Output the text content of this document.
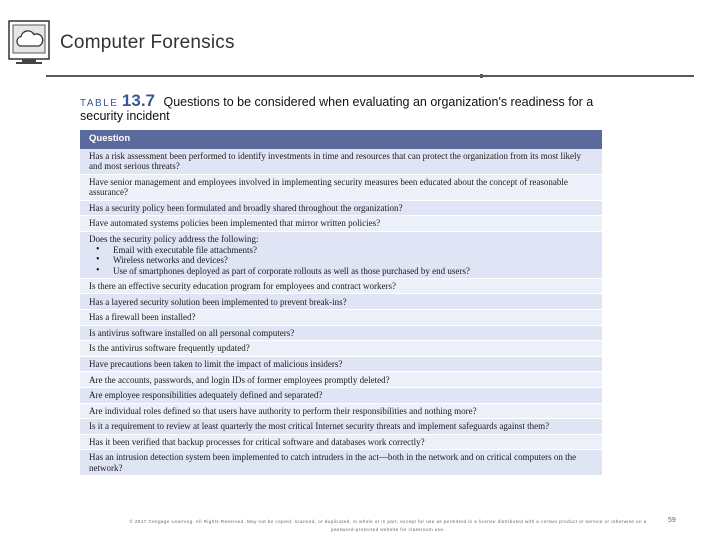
Computer Forensics
TABLE 13.7 Questions to be considered when evaluating an organization's readiness for a security incident
Question
Has a risk assessment been performed to identify investments in time and resources that can protect the organization from its most likely and most serious threats?
Have senior management and employees involved in implementing security measures been educated about the concept of reasonable assurance?
Has a security policy been formulated and broadly shared throughout the organization?
Have automated systems policies been implemented that mirror written policies?
Does the security policy address the following:
• Email with executable file attachments?
• Wireless networks and devices?
• Use of smartphones deployed as part of corporate rollouts as well as those purchased by end users?

Is there an effective security education program for employees and contract workers?
Has a layered security solution been implemented to prevent break-ins?
Has a firewall been installed?
Is antivirus software installed on all personal computers?
Is the antivirus software frequently updated?
Have precautions been taken to limit the impact of malicious insiders?
Are the accounts, passwords, and login IDs of former employees promptly deleted?
Are employee responsibilities adequately defined and separated?
Are individual roles defined so that users have authority to perform their responsibilities and nothing more?
Is it a requirement to review at least quarterly the most critical Internet security threats and implement safeguards against them?
Has it been verified that backup processes for critical software and databases work correctly?
Has an intrusion detection system been implemented to catch intruders in the act—both in the network and on critical computers on the network?
© 2017 Cengage Learning. All Rights Reserved. May not be copied, scanned, or duplicated, in whole or in part, except for use as permitted in a license distributed with a certain product or service or otherwise on a password-protected website for classroom use.
59
